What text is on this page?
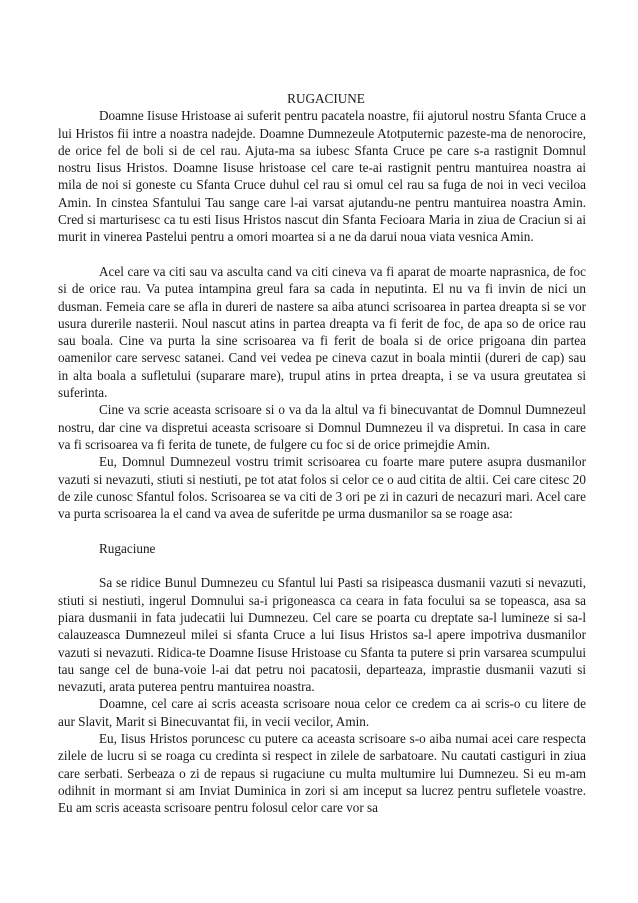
RUGACIUNE

Doamne Iisuse Hristoase ai suferit pentru pacatela noastre, fii ajutorul nostru Sfanta Cruce a lui Hristos fii intre a noastra nadejde. Doamne Dumnezeule Atotputernic pazeste-ma de nenorocire, de orice fel de boli si de cel rau. Ajuta-ma sa iubesc Sfanta Cruce pe care s-a rastignit Domnul nostru Iisus Hristos. Doamne Iisuse hristoase cel care te-ai rastignit pentru mantuirea noastra ai mila de noi si goneste cu Sfanta Cruce duhul cel rau si omul cel rau sa fuga de noi in veci veciloa Amin. In cinstea Sfantului Tau sange care l-ai varsat ajutandu-ne pentru mantuirea noastra Amin. Cred si marturisesc ca tu esti Iisus Hristos nascut din Sfanta Fecioara Maria in ziua de Craciun si ai murit in vinerea Pastelui pentru a omori moartea si a ne da darui noua viata vesnica Amin.

Acel care va citi sau va asculta cand va citi cineva va fi aparat de moarte naprasnica, de foc si de orice rau. Va putea intampina greul fara sa cada in neputinta. El nu va fi invin de nici un dusman. Femeia care se afla in dureri de nastere sa aiba atunci scrisoarea in partea dreapta si se vor usura durerile nasterii. Noul nascut atins in partea dreapta va fi ferit de foc, de apa so de orice rau sau boala. Cine va purta la sine scrisoarea va fi ferit de boala si de orice prigoana din partea oamenilor care servesc satanei. Cand vei vedea pe cineva cazut in boala mintii (dureri de cap) sau in alta boala a sufletului (suparare mare), trupul atins in prtea dreapta, i se va usura greutatea si suferinta.

Cine va scrie aceasta scrisoare si o va da la altul va fi binecuvantat de Domnul Dumnezeul nostru, dar cine va dispretui aceasta scrisoare si Domnul Dumnezeu il va dispretui. In casa in care va fi scrisoarea va fi ferita de tunete, de fulgere cu foc si de orice primejdie Amin.

Eu, Domnul Dumnezeul vostru trimit scrisoarea cu foarte mare putere asupra dusmanilor vazuti si nevazuti, stiuti si nestiuti, pe tot atat folos si celor ce o aud citita de altii. Cei care citesc 20 de zile cunosc Sfantul folos. Scrisoarea se va citi de 3 ori pe zi in cazuri de necazuri mari. Acel care va purta scrisoarea la el cand va avea de suferitde pe urma dusmanilor sa se roage asa:

Rugaciune

Sa se ridice Bunul Dumnezeu cu Sfantul lui Pasti sa risipeasca dusmanii vazuti si nevazuti, stiuti si nestiuti, ingerul Domnului sa-i prigoneasca ca ceara in fata focului sa se topeasca, asa sa piara dusmanii in fata judecatii lui Dumnezeu. Cel care se poarta cu dreptate sa-l lumineze si sa-l calauzeasca Dumnezeul milei si sfanta Cruce a lui Iisus Hristos sa-l apere impotriva dusmanilor vazuti si nevazuti. Ridica-te Doamne Iisuse Hristoase cu Sfanta ta putere si prin varsarea scumpului tau sange cel de buna-voie l-ai dat petru noi pacatosii, departeaza, imprastie dusmanii vazuti si nevazuti, arata puterea pentru mantuirea noastra.

Doamne, cel care ai scris aceasta scrisoare noua celor ce credem ca ai scris-o cu litere de aur Slavit, Marit si Binecuvantat fii, in vecii vecilor, Amin.

Eu, Iisus Hristos poruncesc cu putere ca aceasta scrisoare s-o aiba numai acei care respecta zilele de lucru si se roaga cu credinta si respect in zilele de sarbatoare. Nu cautati castiguri in ziua care serbati. Serbeaza o zi de repaus si rugaciune cu multa multumire lui Dumnezeu. Si eu m-am odihnit in mormant si am Inviat Duminica in zori si am inceput sa lucrez pentru sufletele voastre. Eu am scris aceasta scrisoare pentru folosul celor care vor sa
